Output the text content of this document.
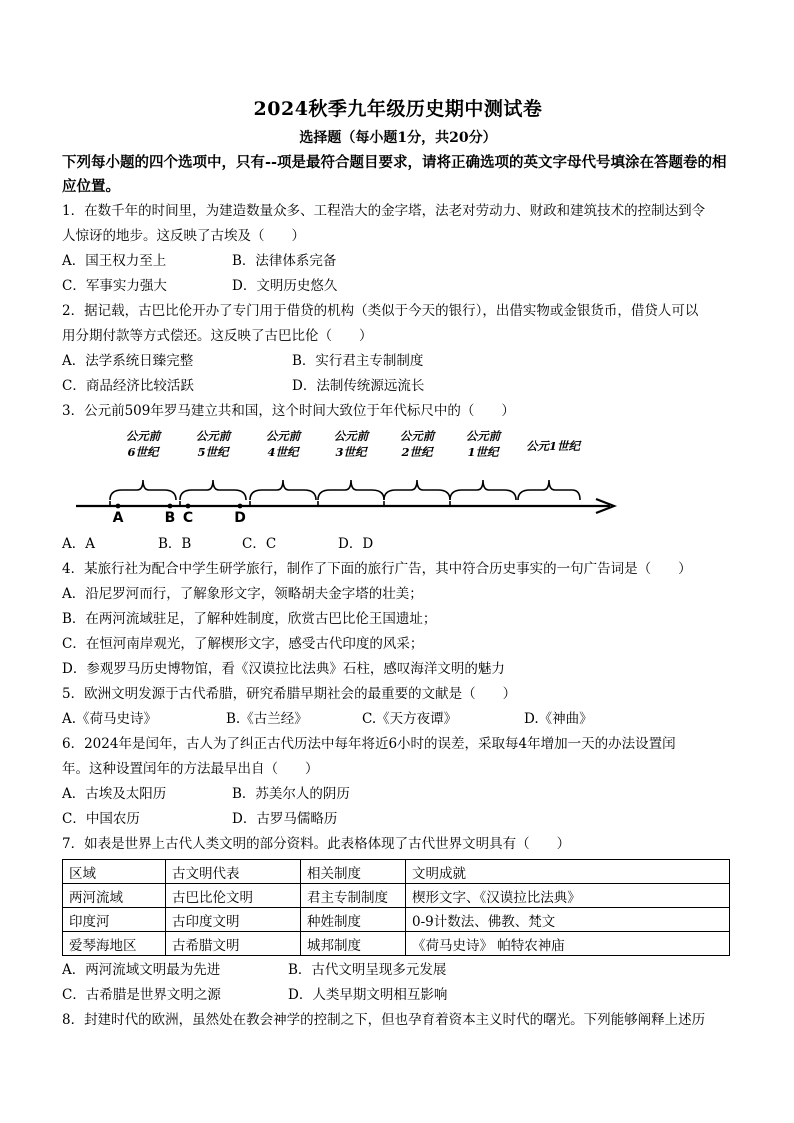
2024秋季九年级历史期中测试卷
选择题（每小题1分，共20分）
下列每小题的四个选项中，只有--项是最符合题目要求，请将正确选项的英文字母代号填涂在答题卷的相应位置。
1．在数千年的时间里，为建造数量众多、工程浩大的金字塔，法老对劳动力、财政和建筑技术的控制达到令
人惊讶的地步。这反映了古埃及（　　）
A．国王权力至上	B．法律体系完备
C．军事实力强大	D．文明历史悠久
2．据记载，古巴比伦开办了专门用于借贷的机构（类似于今天的银行），出借实物或金银货币，借贷人可以
用分期付款等方式偿还。这反映了古巴比伦（　　）
A．法学系统日臻完整	B．实行君主专制制度
C．商品经济比较活跃	D．法制传统源远流长
3．公元前509年罗马建立共和国，这个时间大致位于年代标尺中的（　　）
公元前
6世纪
公元前
5世纪
公元前
4世纪
公元前
3世纪
公元前
2世纪
公元前
1世纪 公元1世纪
A	B C	D
A．A	B．B	C．C	D．D
4．某旅行社为配合中学生研学旅行，制作了下面的旅行广告，其中符合历史事实的一句广告词是（　　）
A．沿尼罗河而行，了解象形文字，领略胡夫金字塔的壮美；
B．在两河流域驻足，了解种姓制度，欣赏古巴比伦王国遗址；
C．在恒河南岸观光，了解楔形文字，感受古代印度的风采；
D．参观罗马历史博物馆，看《汉谟拉比法典》石柱，感叹海洋文明的魅力
5．欧洲文明发源于古代希腊，研究希腊早期社会的最重要的文献是（　　）
A.《荷马史诗》	B.《古兰经》	C.《天方夜谭》	D.《神曲》
6．2024年是闰年，古人为了纠正古代历法中每年将近6小时的误差，采取每4年增加一天的办法设置闰
年。这种设置闰年的方法最早出自（　　）
A．古埃及太阳历	B．苏美尔人的阴历
C．中国农历	D．古罗马儒略历
7．如表是世界上古代人类文明的部分资料。此表格体现了古代世界文明具有（　　）
区域	古文明代表	相关制度	文明成就
两河流域	古巴比伦文明	君主专制制度	楔形文字、《汉谟拉比法典》
印度河	古印度文明	种姓制度	0-9计数法、佛教、梵文
爱琴海地区	古希腊文明	城邦制度	《荷马史诗》 帕特农神庙
A．两河流域文明最为先进	B．古代文明呈现多元发展
C．古希腊是世界文明之源	D．人类早期文明相互影响
8．封建时代的欧洲，虽然处在教会神学的控制之下，但也孕育着资本主义时代的曙光。下列能够阐释上述历
